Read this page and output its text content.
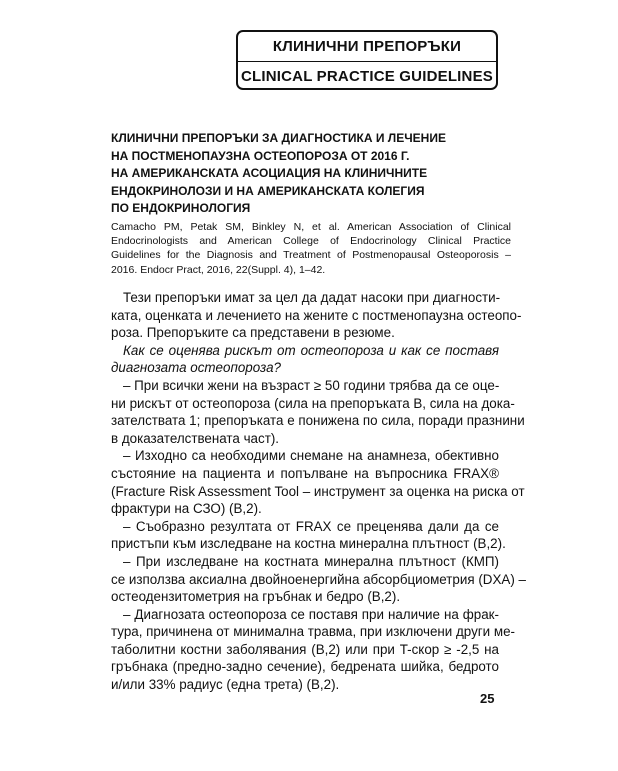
КЛИНИЧНИ ПРЕПОРЪКИ
CLINICAL PRACTICE GUIDELINES
КЛИНИЧНИ ПРЕПОРЪКИ ЗА ДИАГНОСТИКА И ЛЕЧЕНИЕ
НА ПОСТМЕНОПАУЗНА ОСТЕОПОРОЗА ОТ 2016 Г.
НА АМЕРИКАНСКАТА АСОЦИАЦИЯ НА КЛИНИЧНИТЕ
ЕНДОКРИНОЛОЗИ И НА АМЕРИКАНСКАТА КОЛЕГИЯ
ПО ЕНДОКРИНОЛОГИЯ

Camacho PM, Petak SM, Binkley N, et al. American Association of Clinical
Endocrinologists and American College of Endocrinology Clinical Practice
Guidelines for the Diagnosis and Treatment of Postmenopausal Osteoporosis –
2016. Endocr Pract, 2016, 22(Suppl. 4), 1–42.

Тези препоръки имат за цел да дадат насоки при диагности-
ката, оценката и лечението на жените с постменопаузна остеопо-
роза. Препоръките са представени в резюме.

Как се оценява рискът от остеопороза и как се поставя
диагнозата остеопороза?

– При всички жени на възраст ≥ 50 години трябва да се оце-
ни рискът от остеопороза (сила на препоръката B, сила на дока-
зателствата 1; препоръката е понижена по сила, поради празнини
в доказателствената част).

– Изходно са необходими снемане на анамнеза, обективно
състояние на пациента и попълване на въпросника FRAX®
(Fracture Risk Assessment Tool – инструмент за оценка на риска от
фрактури на СЗО) (B,2).

– Съобразно резултата от FRAX се преценява дали да се
пристъпи към изследване на костна минерална плътност (B,2).

– При изследване на костната минерална плътност (КМП)
се използва аксиална двойноенергийна абсорбциометрия (DXA) –
остеодензитометрия на гръбнак и бедро (B,2).

– Диагнозата остеопороза се поставя при наличие на фрак-
тура, причинена от минимална травма, при изключени други ме-
таболитни костни заболявания (B,2) или при T-скор ≥ -2,5 на
гръбнака (предно-задно сечение), бедрената шийка, бедрото
и/или 33% радиус (една трета) (B,2).

25
